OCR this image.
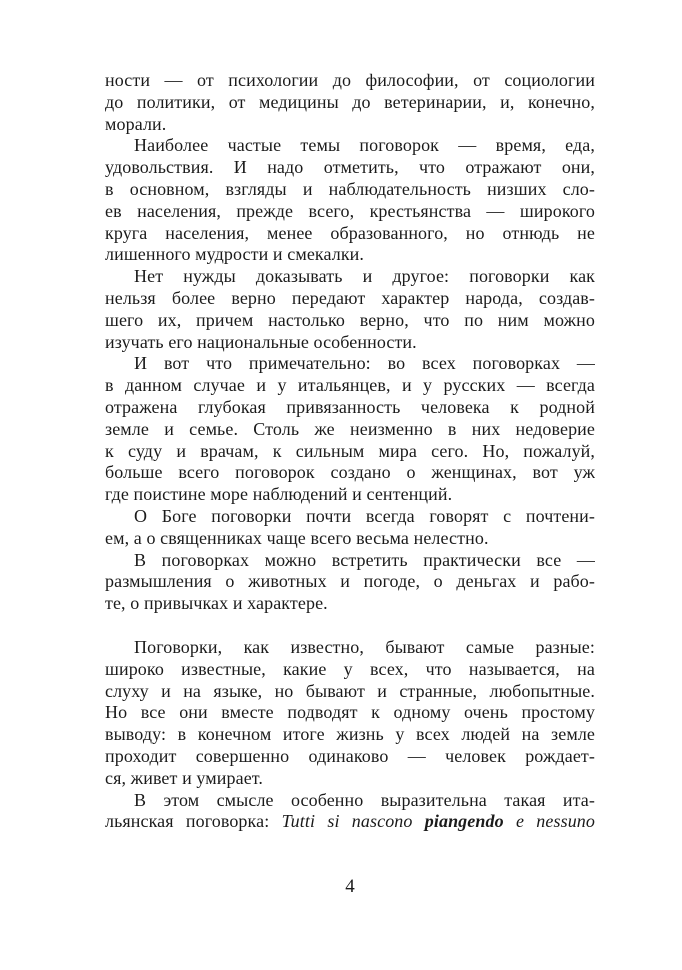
ности — от психологии до философии, от социологии
до политики, от медицины до ветеринарии, и, конечно,
морали.
Наиболее частые темы поговорок — время, еда,
удовольствия. И надо отметить, что отражают они,
в основном, взгляды и наблюдательность низших сло-
ев населения, прежде всего, крестьянства — широкого
круга населения, менее образованного, но отнюдь не
лишенного мудрости и смекалки.
Нет нужды доказывать и другое: поговорки как
нельзя более верно передают характер народа, создав-
шего их, причем настолько верно, что по ним можно
изучать его национальные особенности.
И вот что примечательно: во всех поговорках —
в данном случае и у итальянцев, и у русских — всегда
отражена глубокая привязанность человека к родной
земле и семье. Столь же неизменно в них недоверие
к суду и врачам, к сильным мира сего. Но, пожалуй,
больше всего поговорок создано о женщинах, вот уж
где поистине море наблюдений и сентенций.
О Боге поговорки почти всегда говорят с почтени-
ем, а о священниках чаще всего весьма нелестно.
В поговорках можно встретить практически все —
размышления о животных и погоде, о деньгах и рабо-
те, о привычках и характере.
Поговорки, как известно, бывают самые разные:
широко известные, какие у всех, что называется, на
слуху и на языке, но бывают и странные, любопытные.
Но все они вместе подводят к одному очень простому
выводу: в конечном итоге жизнь у всех людей на земле
проходит совершенно одинаково — человек рождает-
ся, живет и умирает.
В этом смысле особенно выразительна такая ита-
льянская поговорка: Tutti si nascono piangendo e nessuno
4
